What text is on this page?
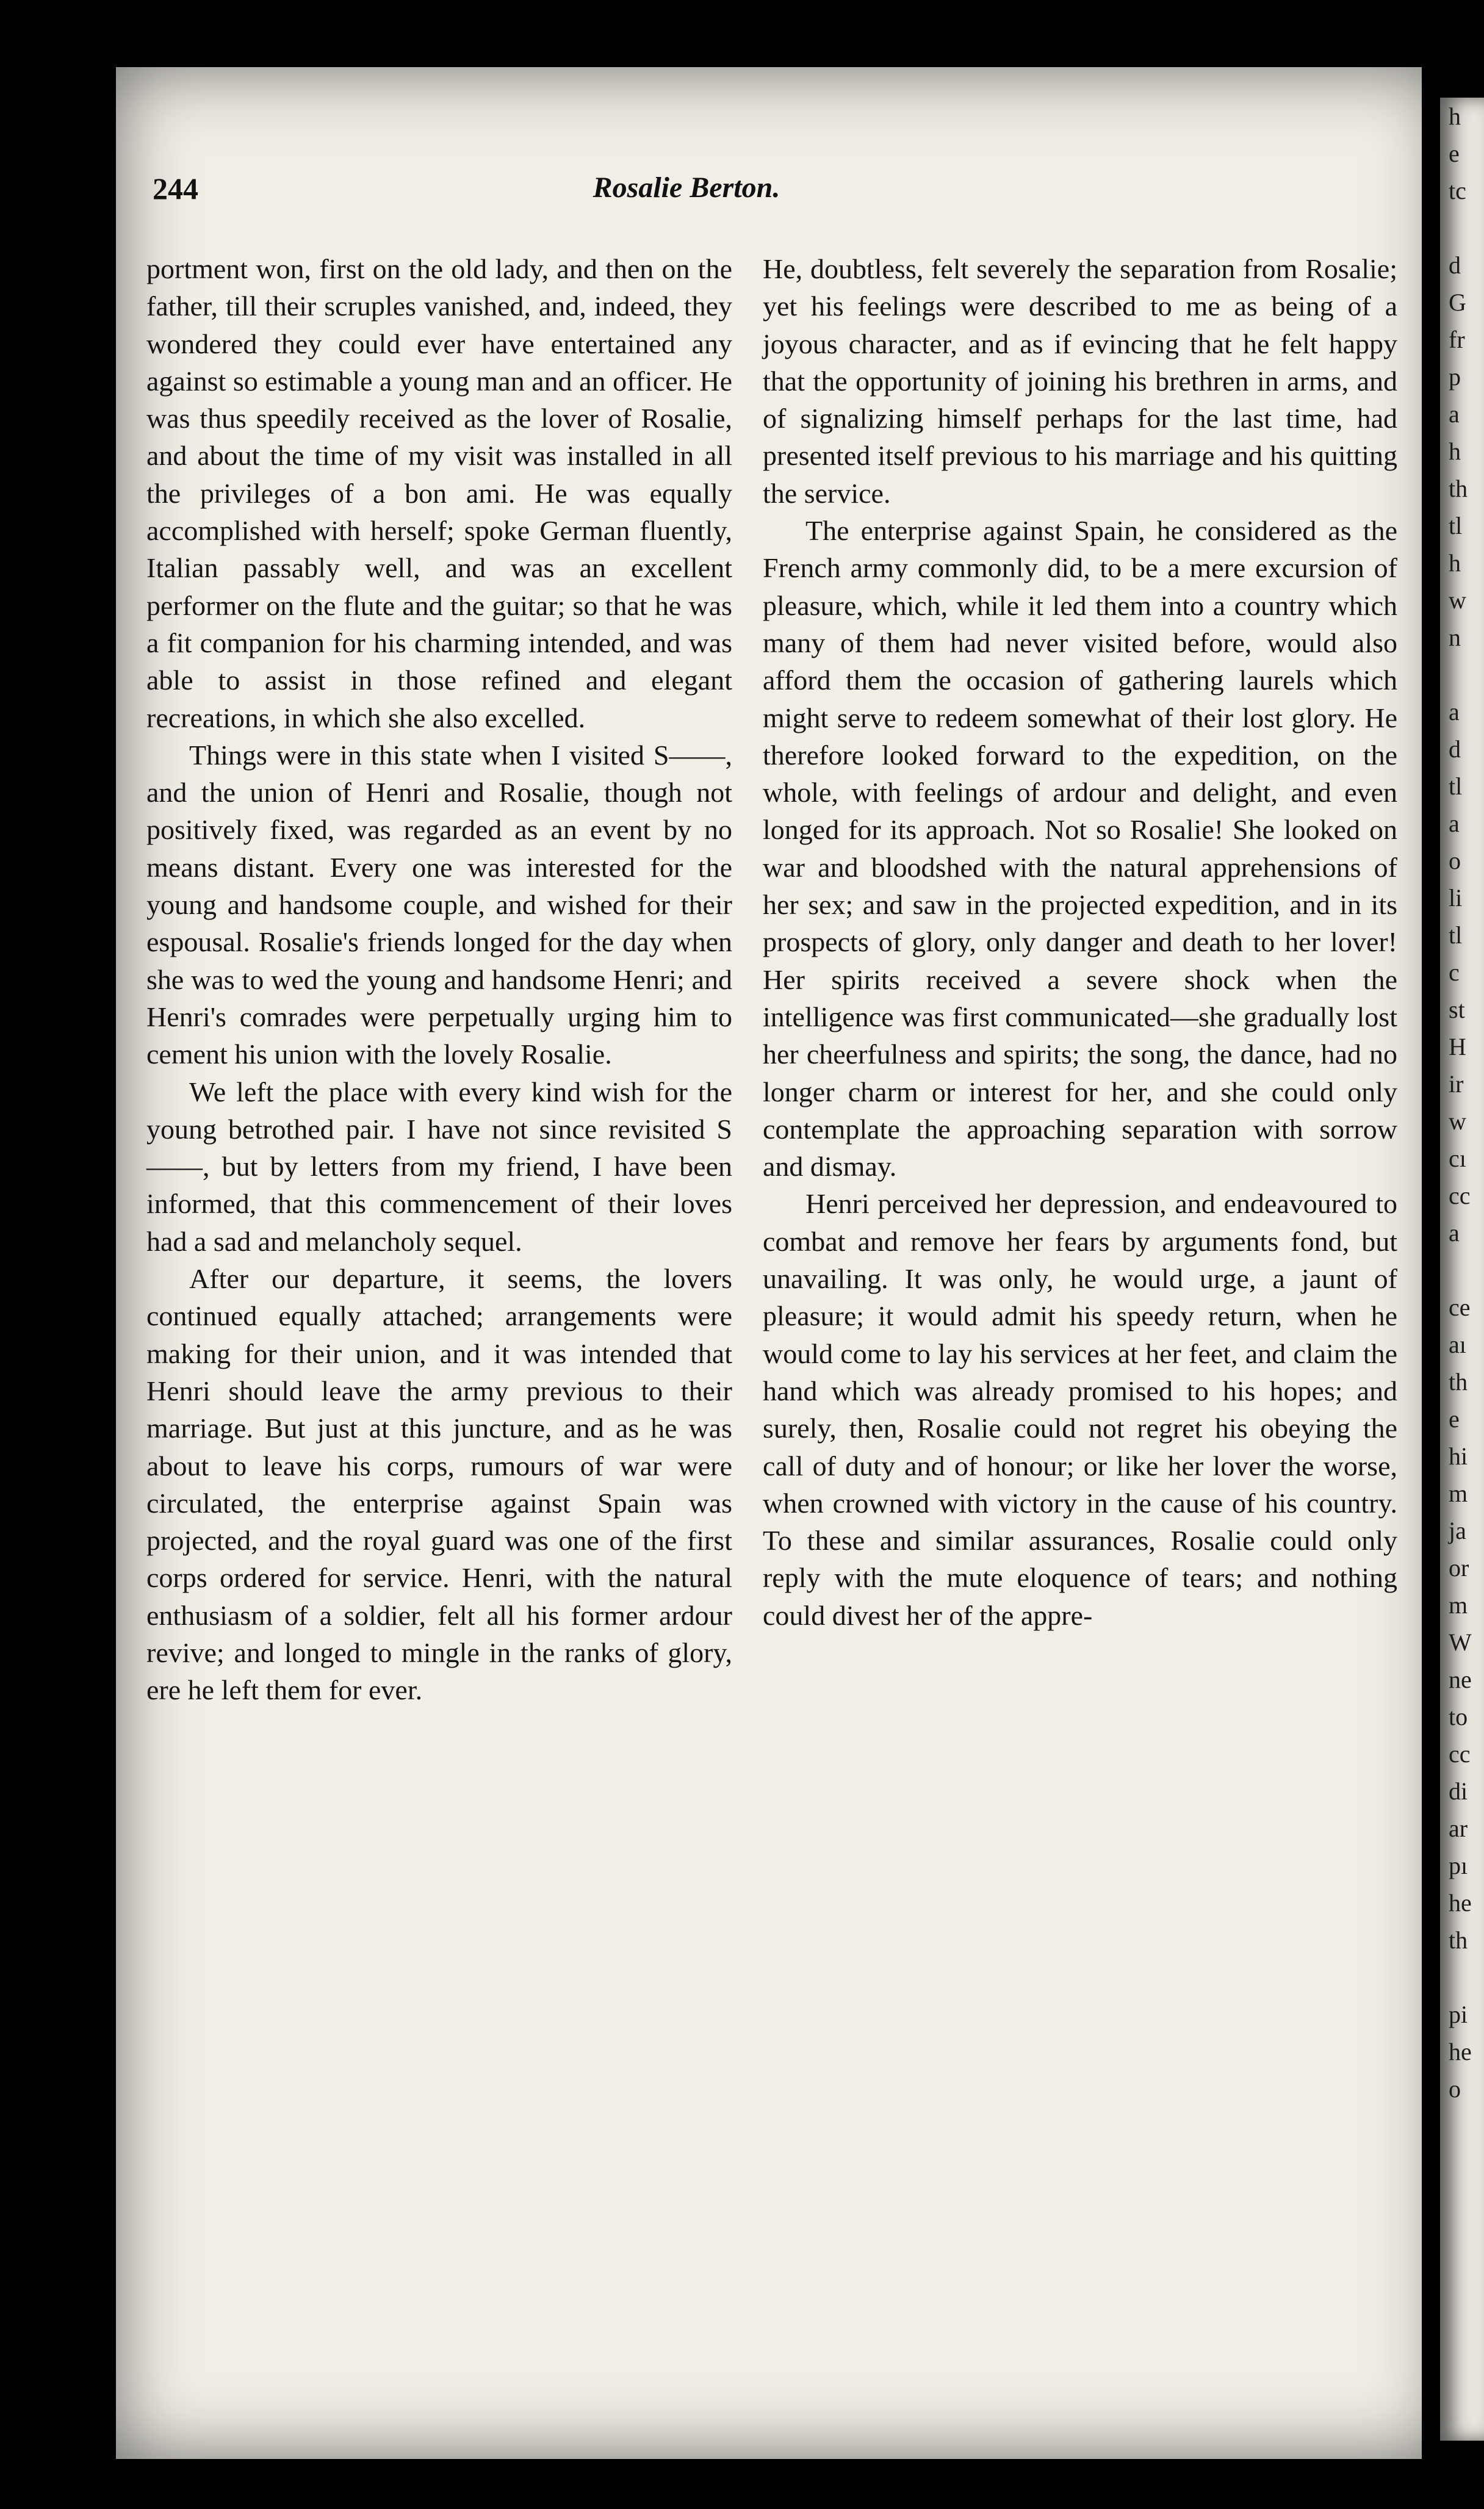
h
e
tc

d
G
fr
p
a
h
th
tl
h
w
n

a
d
tl
a
o
li
tl
c
st
H
ir
w
cı
cc
a

ce
aı
th
e
hi
m
ja
or
m
W
ne
to
cc
di
ar
pı
he
th

pi
he
o
244	Rosalie Berton.

portment won, first on the old lady, and then on the father, till their scruples vanished, and, indeed, they wondered they could ever have entertained any against so estimable a young man and an officer. He was thus speedily received as the lover of Rosalie, and about the time of my visit was installed in all the privileges of a bon ami. He was equally accomplished with herself; spoke German fluently, Italian passably well, and was an excellent performer on the flute and the guitar; so that he was a fit companion for his charming intended, and was able to assist in those refined and elegant recreations, in which she also excelled.

Things were in this state when I visited S——, and the union of Henri and Rosalie, though not positively fixed, was regarded as an event by no means distant. Every one was interested for the young and handsome couple, and wished for their espousal. Rosalie's friends longed for the day when she was to wed the young and handsome Henri; and Henri's comrades were perpetually urging him to cement his union with the lovely Rosalie.

We left the place with every kind wish for the young betrothed pair. I have not since revisited S——, but by letters from my friend, I have been informed, that this commencement of their loves had a sad and melancholy sequel.

After our departure, it seems, the lovers continued equally attached; arrangements were making for their union, and it was intended that Henri should leave the army previous to their marriage. But just at this juncture, and as he was about to leave his corps, rumours of war were circulated, the enterprise against Spain was projected, and the royal guard was one of the first corps ordered for service. Henri, with the natural enthusiasm of a soldier, felt all his former ardour revive; and longed to mingle in the ranks of glory, ere he left them for ever.

He, doubtless, felt severely the separation from Rosalie; yet his feelings were described to me as being of a joyous character, and as if evincing that he felt happy that the opportunity of joining his brethren in arms, and of signalizing himself perhaps for the last time, had presented itself previous to his marriage and his quitting the service.

The enterprise against Spain, he considered as the French army commonly did, to be a mere excursion of pleasure, which, while it led them into a country which many of them had never visited before, would also afford them the occasion of gathering laurels which might serve to redeem somewhat of their lost glory. He therefore looked forward to the expedition, on the whole, with feelings of ardour and delight, and even longed for its approach. Not so Rosalie! She looked on war and bloodshed with the natural apprehensions of her sex; and saw in the projected expedition, and in its prospects of glory, only danger and death to her lover! Her spirits received a severe shock when the intelligence was first communicated—she gradually lost her cheerfulness and spirits; the song, the dance, had no longer charm or interest for her, and she could only contemplate the approaching separation with sorrow and dismay.

Henri perceived her depression, and endeavoured to combat and remove her fears by arguments fond, but unavailing. It was only, he would urge, a jaunt of pleasure; it would admit his speedy return, when he would come to lay his services at her feet, and claim the hand which was already promised to his hopes; and surely, then, Rosalie could not regret his obeying the call of duty and of honour; or like her lover the worse, when crowned with victory in the cause of his country. To these and similar assurances, Rosalie could only reply with the mute eloquence of tears; and nothing could divest her of the appre-
